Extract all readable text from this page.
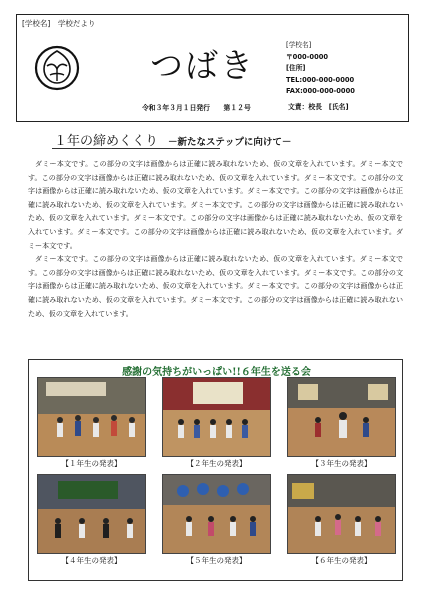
[学校名]　学校だより
つばき
令和３年３月１日発行　　第１２号
[学校名]
〒000-0000
[住所]
TEL:000-000-0000
FAX:000-000-0000
文責：校長　[氏名]
１年の締めくくり －新たなステップに向けて－

ダミー本文です。この部分の文字は画像からは正確に読み取れないため、仮の文章を入れています。ダミー本文です。この部分の文字は画像からは正確に読み取れないため、仮の文章を入れています。ダミー本文です。この部分の文字は画像からは正確に読み取れないため、仮の文章を入れています。ダミー本文です。この部分の文字は画像からは正確に読み取れないため、仮の文章を入れています。ダミー本文です。この部分の文字は画像からは正確に読み取れないため、仮の文章を入れています。ダミー本文です。この部分の文字は画像からは正確に読み取れないため、仮の文章を入れています。ダミー本文です。この部分の文字は画像からは正確に読み取れないため、仮の文章を入れています。ダミー本文です。

ダミー本文です。この部分の文字は画像からは正確に読み取れないため、仮の文章を入れています。ダミー本文です。この部分の文字は画像からは正確に読み取れないため、仮の文章を入れています。ダミー本文です。この部分の文字は画像からは正確に読み取れないため、仮の文章を入れています。ダミー本文です。この部分の文字は画像からは正確に読み取れないため、仮の文章を入れています。ダミー本文です。この部分の文字は画像からは正確に読み取れないため、仮の文章を入れています。

感謝の気持ちがいっぱい!!６年生を送る会
【１年生の発表】	【２年生の発表】	【３年生の発表】
【４年生の発表】	【５年生の発表】	【６年生の発表】
